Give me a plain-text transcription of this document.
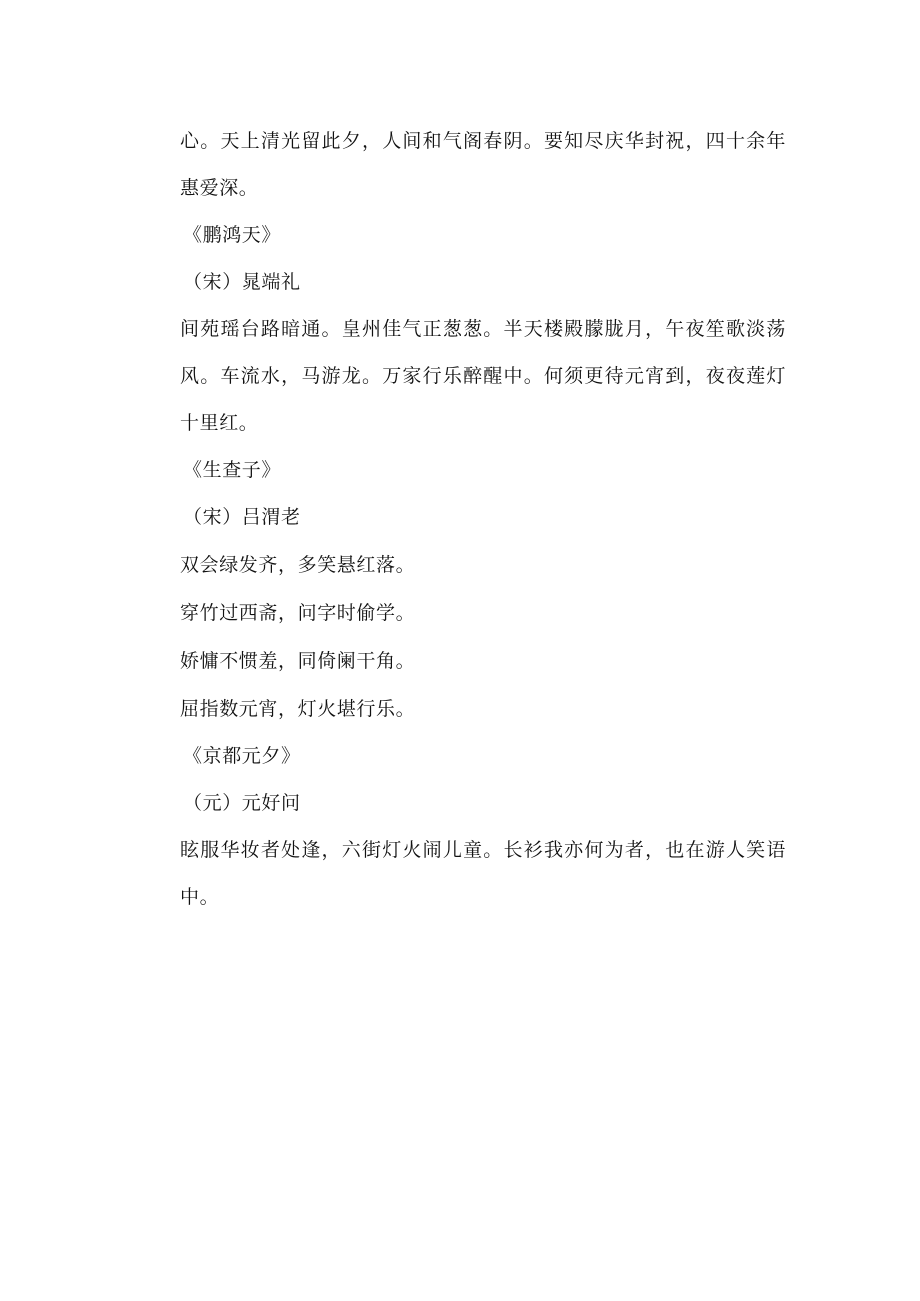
心。天上清光留此夕，人间和气阁春阴。要知尽庆华封祝，四十余年惠爱深。

《鹏鸿天》

（宋）晁端礼

间苑瑶台路暗通。皇州佳气正葱葱。半天楼殿朦胧月，午夜笙歌淡荡风。车流水，马游龙。万家行乐醉醒中。何须更待元宵到，夜夜莲灯十里红。

《生查子》

（宋）吕渭老

双会绿发齐，多笑悬红落。

穿竹过西斋，问字时偷学。

娇慵不惯羞，同倚阑干角。

屈指数元宵，灯火堪行乐。

《京都元夕》

（元）元好问

眩服华妆者处逢，六街灯火闹儿童。长衫我亦何为者，也在游人笑语中。
